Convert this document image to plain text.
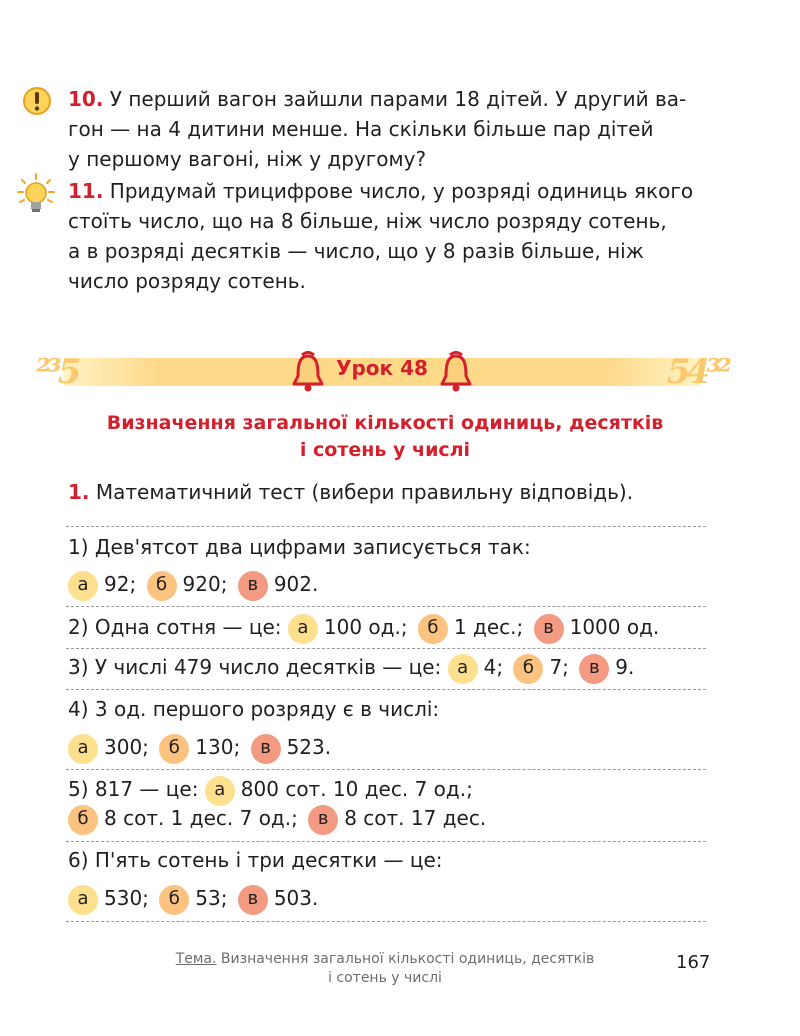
10. У перший вагон зайшли парами 18 дітей. У другий ва-
гон — на 4 дитини менше. На скільки більше пар дітей
у першому вагоні, ніж у другому?
11. Придумай трицифрове число, у розряді одиниць якого
стоїть число, що на 8 більше, ніж число розряду сотень,
а в розряді десятків — число, що у 8 разів більше, ніж
число розряду сотень.
²³5	54³²
Урок 48
Визначення загальної кількості одиниць, десятків
і сотень у числі
1. Математичний тест (вибери правильну відповідь).
1) Дев'ятсот два цифрами записується так:
а 92; б 920; в 902.
2) Одна сотня — це: а 100 од.; б 1 дес.; в 1000 од.
3) У числі 479 число десятків — це: а 4; б 7; в 9.
4) 3 од. першого розряду є в числі:
а 300; б 130; в 523.
5) 817 — це: а 800 сот. 10 дес. 7 од.;
б 8 сот. 1 дес. 7 од.; в 8 сот. 17 дес.
6) П'ять сотень і три десятки — це:
а 530; б 53; в 503.
Тема. Визначення загальної кількості одиниць, десятків
і сотень у числі
167
